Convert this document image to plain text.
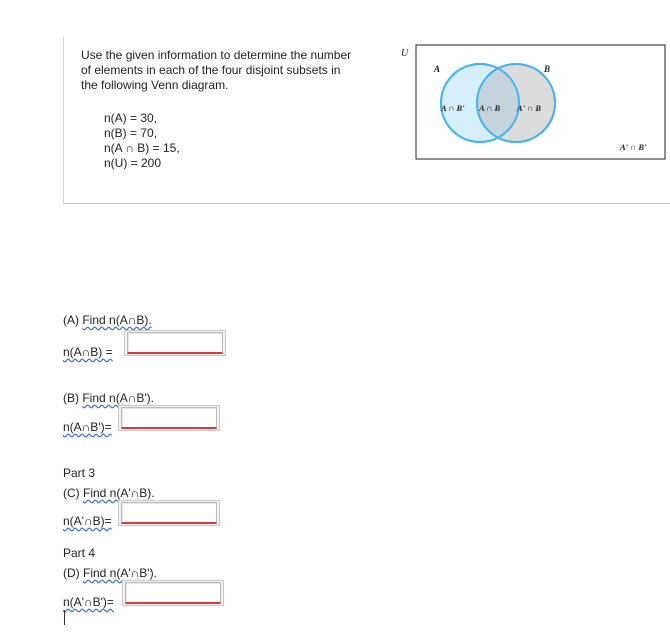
Use the given information to determine the number
of elements in each of the four disjoint subsets in
the following Venn diagram.
n(A) = 30,
n(B) = 70,
n(A ∩ B) = 15,
n(U) = 200
U
A	B
A ∩ B' A ∩ B A' ∩ B
A' ∩ B'
(A) Find n(A∩B).
n(A∩B) =
(B) Find n(A∩B').
n(A∩B')=
Part 3
(C) Find n(A'∩B).
n(A'∩B)=
Part 4
(D) Find n(A'∩B').
n(A'∩B')=
